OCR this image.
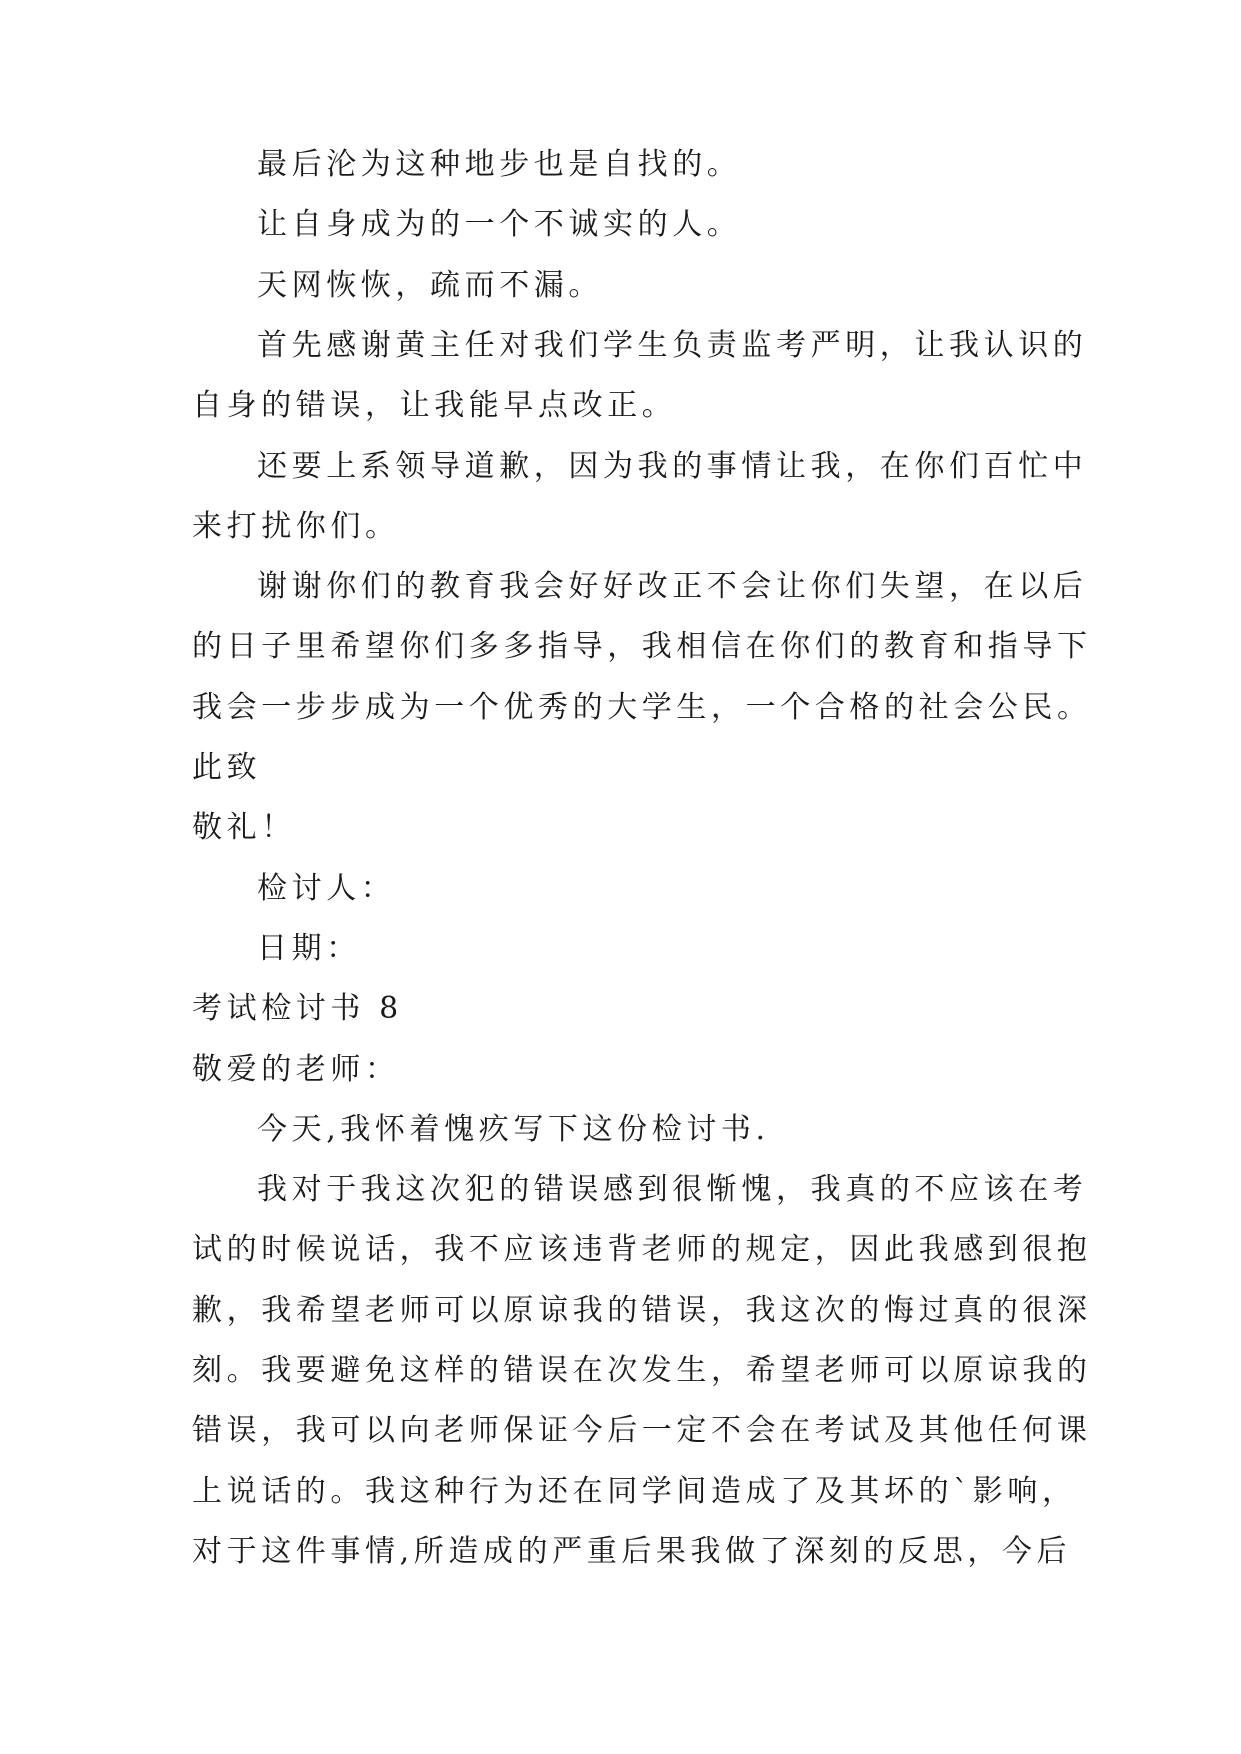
最后沦为这种地步也是自找的。
让自身成为的一个不诚实的人。
天网恢恢，疏而不漏。
首先感谢黄主任对我们学生负责监考严明，让我认识的
自身的错误，让我能早点改正。
还要上系领导道歉，因为我的事情让我，在你们百忙中
来打扰你们。
谢谢你们的教育我会好好改正不会让你们失望，在以后
的日子里希望你们多多指导，我相信在你们的教育和指导下
我会一步步成为一个优秀的大学生，一个合格的社会公民。
此致
敬礼！
检讨人：
日期：
考试检讨书 8
敬爱的老师：
今天,我怀着愧疚写下这份检讨书.
我对于我这次犯的错误感到很惭愧，我真的不应该在考
试的时候说话，我不应该违背老师的规定，因此我感到很抱
歉，我希望老师可以原谅我的错误，我这次的悔过真的很深
刻。我要避免这样的错误在次发生，希望老师可以原谅我的
错误，我可以向老师保证今后一定不会在考试及其他任何课
上说话的。我这种行为还在同学间造成了及其坏的`影响，
对于这件事情,所造成的严重后果我做了深刻的反思，今后
